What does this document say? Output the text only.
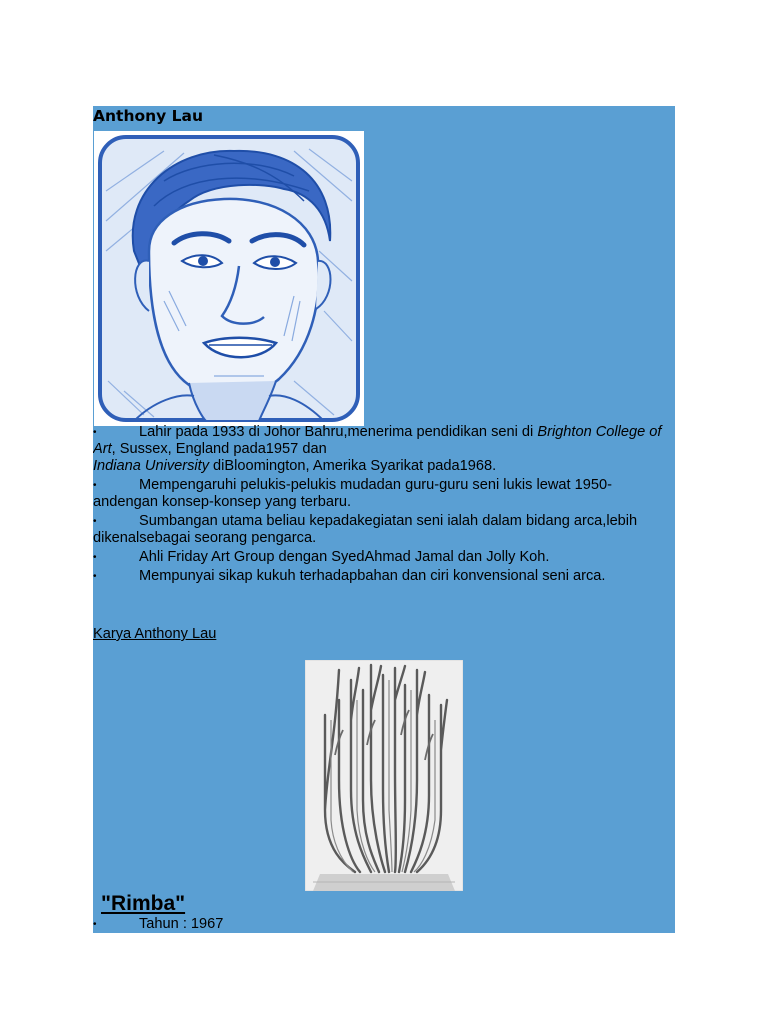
Anthony Lau
•	Lahir pada 1933 di Johor Bahru,menerima pendidikan seni di Brighton College of Art, Sussex, England pada1957 dan
Indiana University diBloomington, Amerika Syarikat pada1968.
•	Mempengaruhi pelukis-pelukis mudadan guru-guru seni lukis lewat 1950-andengan konsep-konsep yang terbaru.
•	Sumbangan utama beliau kepadakegiatan seni ialah dalam bidang arca,lebih dikenalsebagai seorang pengarca.
•	Ahli Friday Art Group dengan SyedAhmad Jamal dan Jolly Koh.
•	Mempunyai sikap kukuh terhadapbahan dan ciri konvensional seni arca.
Karya Anthony Lau
"Rimba"
•	Tahun : 1967
